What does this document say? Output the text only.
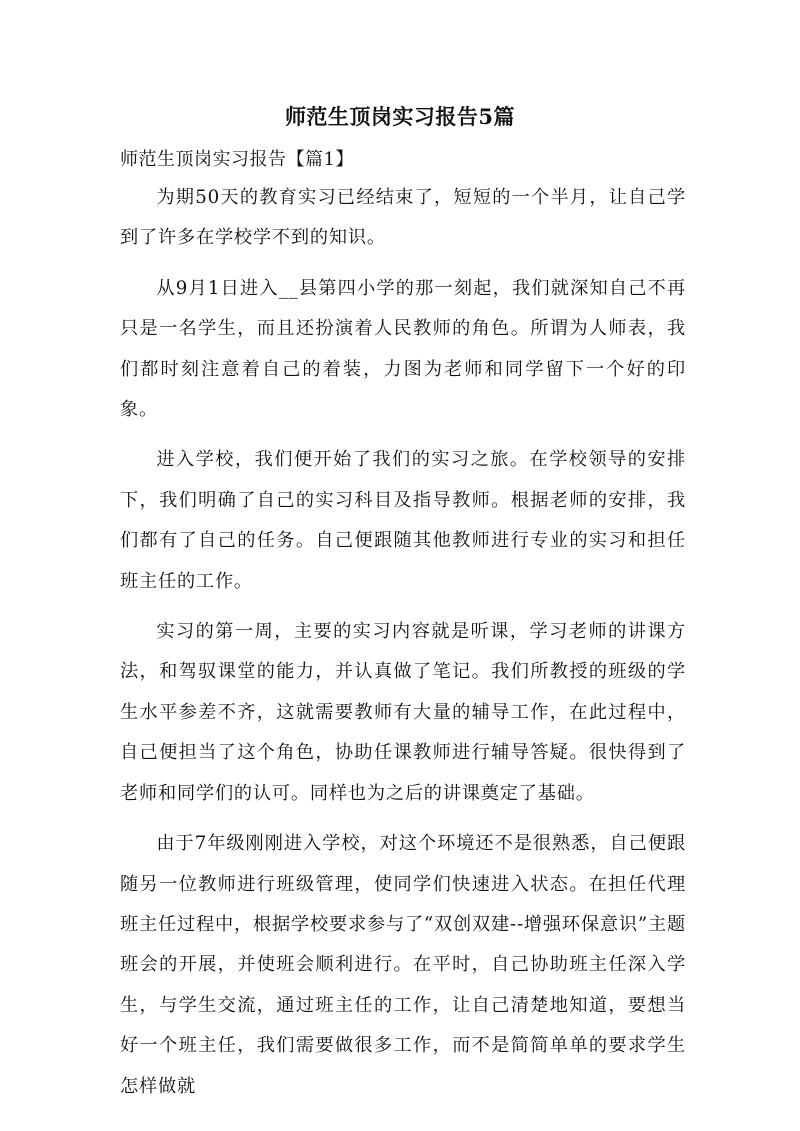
师范生顶岗实习报告5篇
师范生顶岗实习报告【篇1】

为期50天的教育实习已经结束了，短短的一个半月，让自己学到了许多在学校学不到的知识。

从9月1日进入__县第四小学的那一刻起，我们就深知自己不再只是一名学生，而且还扮演着人民教师的角色。所谓为人师表，我们都时刻注意着自己的着装，力图为老师和同学留下一个好的印象。

进入学校，我们便开始了我们的实习之旅。在学校领导的安排下，我们明确了自己的实习科目及指导教师。根据老师的安排，我们都有了自己的任务。自己便跟随其他教师进行专业的实习和担任班主任的工作。

实习的第一周，主要的实习内容就是听课，学习老师的讲课方法，和驾驭课堂的能力，并认真做了笔记。我们所教授的班级的学生水平参差不齐，这就需要教师有大量的辅导工作，在此过程中，自己便担当了这个角色，协助任课教师进行辅导答疑。很快得到了老师和同学们的认可。同样也为之后的讲课奠定了基础。

由于7年级刚刚进入学校，对这个环境还不是很熟悉，自己便跟随另一位教师进行班级管理，使同学们快速进入状态。在担任代理班主任过程中，根据学校要求参与了“双创双建--增强环保意识”主题班会的开展，并使班会顺利进行。在平时，自己协助班主任深入学生，与学生交流，通过班主任的工作，让自己清楚地知道，要想当好一个班主任，我们需要做很多工作，而不是简简单单的要求学生怎样做就
